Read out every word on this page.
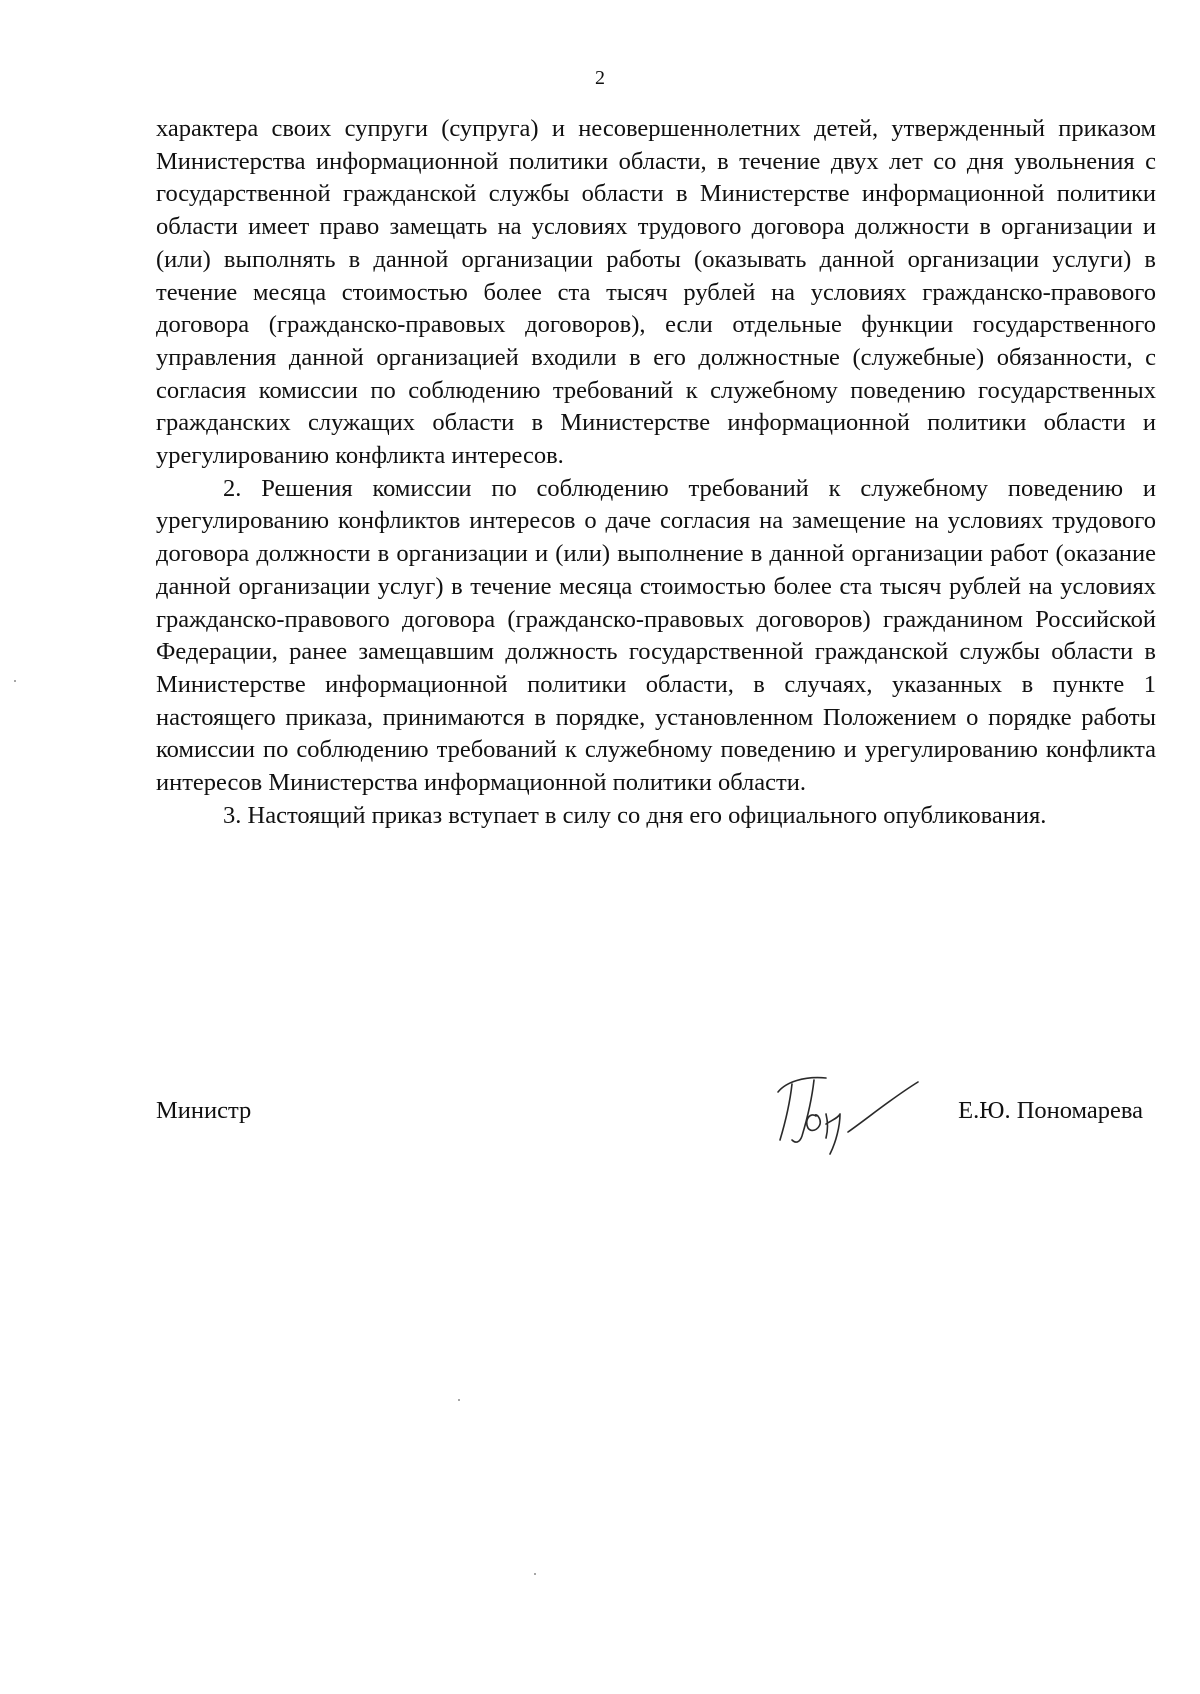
2

характера своих супруги (супруга) и несовершеннолетних детей, утвержденный приказом Министерства информационной политики области, в течение двух лет со дня увольнения с государственной гражданской службы области в Министерстве информационной политики области имеет право замещать на условиях трудового договора должности в организации и (или) выполнять в данной организации работы (оказывать данной организации услуги) в течение месяца стоимостью более ста тысяч рублей на условиях гражданско-правового договора (гражданско-правовых договоров), если отдельные функции государственного управления данной организацией входили в его должностные (служебные) обязанности, с согласия комиссии по соблюдению требований к служебному поведению государственных гражданских служащих области в Министерстве информационной политики области и урегулированию конфликта интересов.

2. Решения комиссии по соблюдению требований к служебному поведению и урегулированию конфликтов интересов о даче согласия на замещение на условиях трудового договора должности в организации и (или) выполнение в данной организации работ (оказание данной организации услуг) в течение месяца стоимостью более ста тысяч рублей на условиях гражданско-правового договора (гражданско-правовых договоров) гражданином Российской Федерации, ранее замещавшим должность государственной гражданской службы области в Министерстве информационной политики области, в случаях, указанных в пункте 1 настоящего приказа, принимаются в порядке, установленном Положением о порядке работы комиссии по соблюдению требований к служебному поведению и урегулированию конфликта интересов Министерства информационной политики области.

3. Настоящий приказ вступает в силу со дня его официального опубликования.

Министр	Е.Ю. Пономарева
